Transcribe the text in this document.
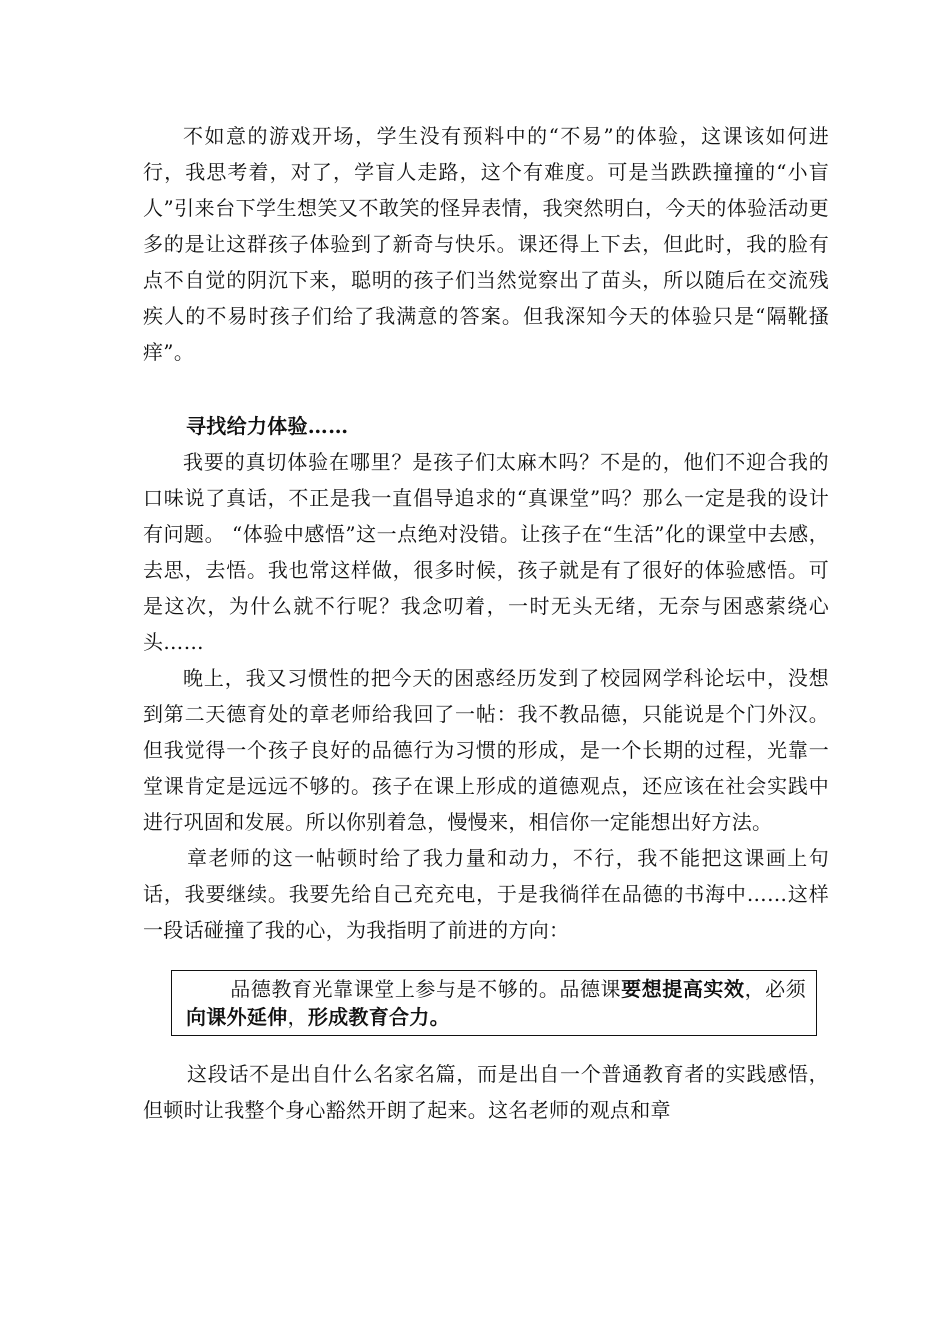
不如意的游戏开场，学生没有预料中的“不易”的体验，这课该如何进行，我思考着，对了，学盲人走路，这个有难度。可是当跌跌撞撞的“小盲人”引来台下学生想笑又不敢笑的怪异表情，我突然明白，今天的体验活动更多的是让这群孩子体验到了新奇与快乐。课还得上下去，但此时，我的脸有点不自觉的阴沉下来，聪明的孩子们当然觉察出了苗头，所以随后在交流残疾人的不易时孩子们给了我满意的答案。但我深知今天的体验只是“隔靴搔痒”。

寻找给力体验……

我要的真切体验在哪里？是孩子们太麻木吗？不是的，他们不迎合我的口味说了真话，不正是我一直倡导追求的“真课堂”吗？那么一定是我的设计有问题。 “体验中感悟”这一点绝对没错。让孩子在“生活”化的课堂中去感，去思，去悟。我也常这样做，很多时候，孩子就是有了很好的体验感悟。可是这次，为什么就不行呢？我念叨着，一时无头无绪，无奈与困惑萦绕心头……

晚上，我又习惯性的把今天的困惑经历发到了校园网学科论坛中，没想到第二天德育处的章老师给我回了一帖：我不教品德，只能说是个门外汉。但我觉得一个孩子良好的品德行为习惯的形成，是一个长期的过程，光靠一堂课肯定是远远不够的。孩子在课上形成的道德观点，还应该在社会实践中进行巩固和发展。所以你别着急，慢慢来，相信你一定能想出好方法。

章老师的这一帖顿时给了我力量和动力，不行，我不能把这课画上句话，我要继续。我要先给自己充充电，于是我徜徉在品德的书海中……这样一段话碰撞了我的心，为我指明了前进的方向：

品德教育光靠课堂上参与是不够的。品德课要想提高实效，必须向课外延伸，形成教育合力。

这段话不是出自什么名家名篇，而是出自一个普通教育者的实践感悟，但顿时让我整个身心豁然开朗了起来。这名老师的观点和章
